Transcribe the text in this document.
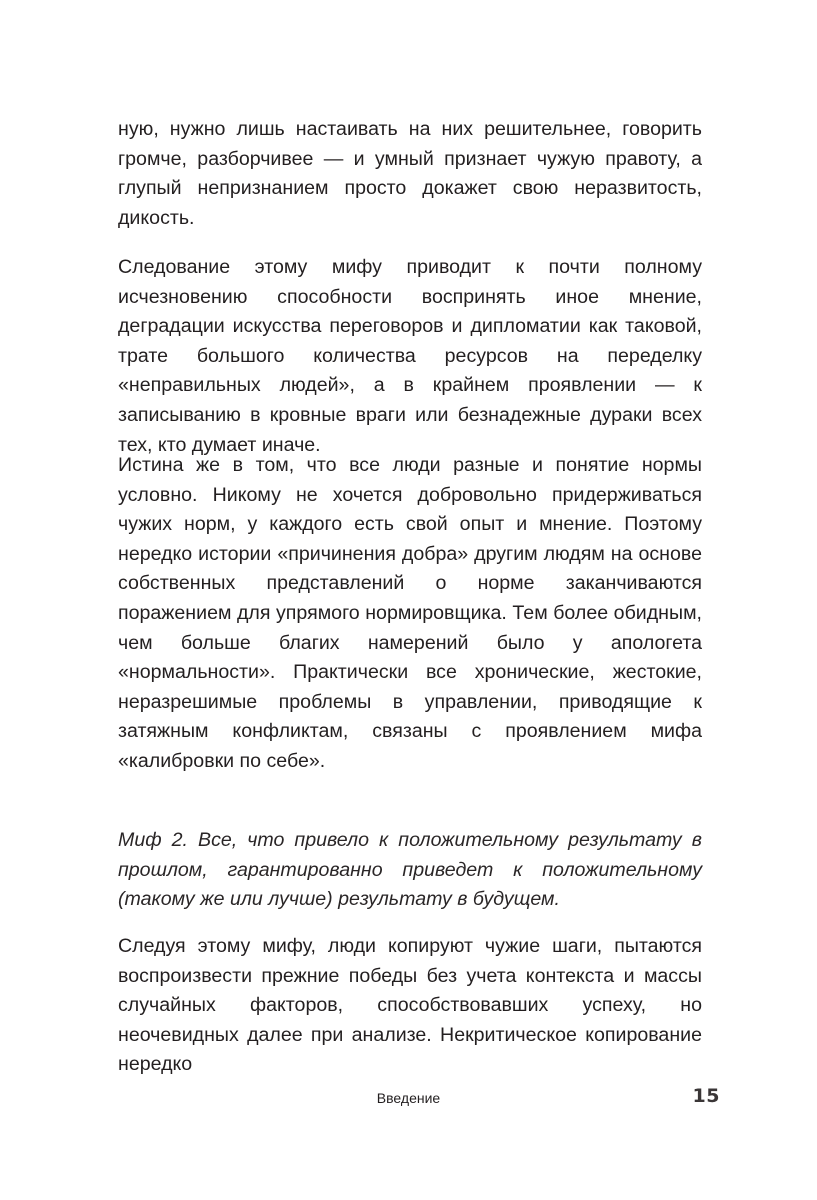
ную, нужно лишь настаивать на них решительнее, говорить громче, разборчивее — и умный признает чужую правоту, а глупый непризнанием просто докажет свою неразвитость, дикость.

Следование этому мифу приводит к почти полному исчезновению способности воспринять иное мнение, деградации искусства переговоров и дипломатии как таковой, трате большого количества ресурсов на переделку «неправильных людей», а в крайнем проявлении — к записыванию в кровные враги или безнадежные дураки всех тех, кто думает иначе.

Истина же в том, что все люди разные и понятие нормы условно. Никому не хочется добровольно придерживаться чужих норм, у каждого есть свой опыт и мнение. Поэтому нередко истории «причинения добра» другим людям на основе собственных представлений о норме заканчиваются поражением для упрямого нормировщика. Тем более обидным, чем больше благих намерений было у апологета «нормальности». Практически все хронические, жестокие, неразрешимые проблемы в управлении, приводящие к затяжным конфликтам, связаны с проявлением мифа «калибровки по себе».

Миф 2. Все, что привело к положительному результату в прошлом, гарантированно приведет к положительному (такому же или лучше) результату в будущем.

Следуя этому мифу, люди копируют чужие шаги, пытаются воспроизвести прежние победы без учета контекста и массы случайных факторов, способствовавших успеху, но неочевидных далее при анализе. Некритическое копирование нередко

Введение	15
